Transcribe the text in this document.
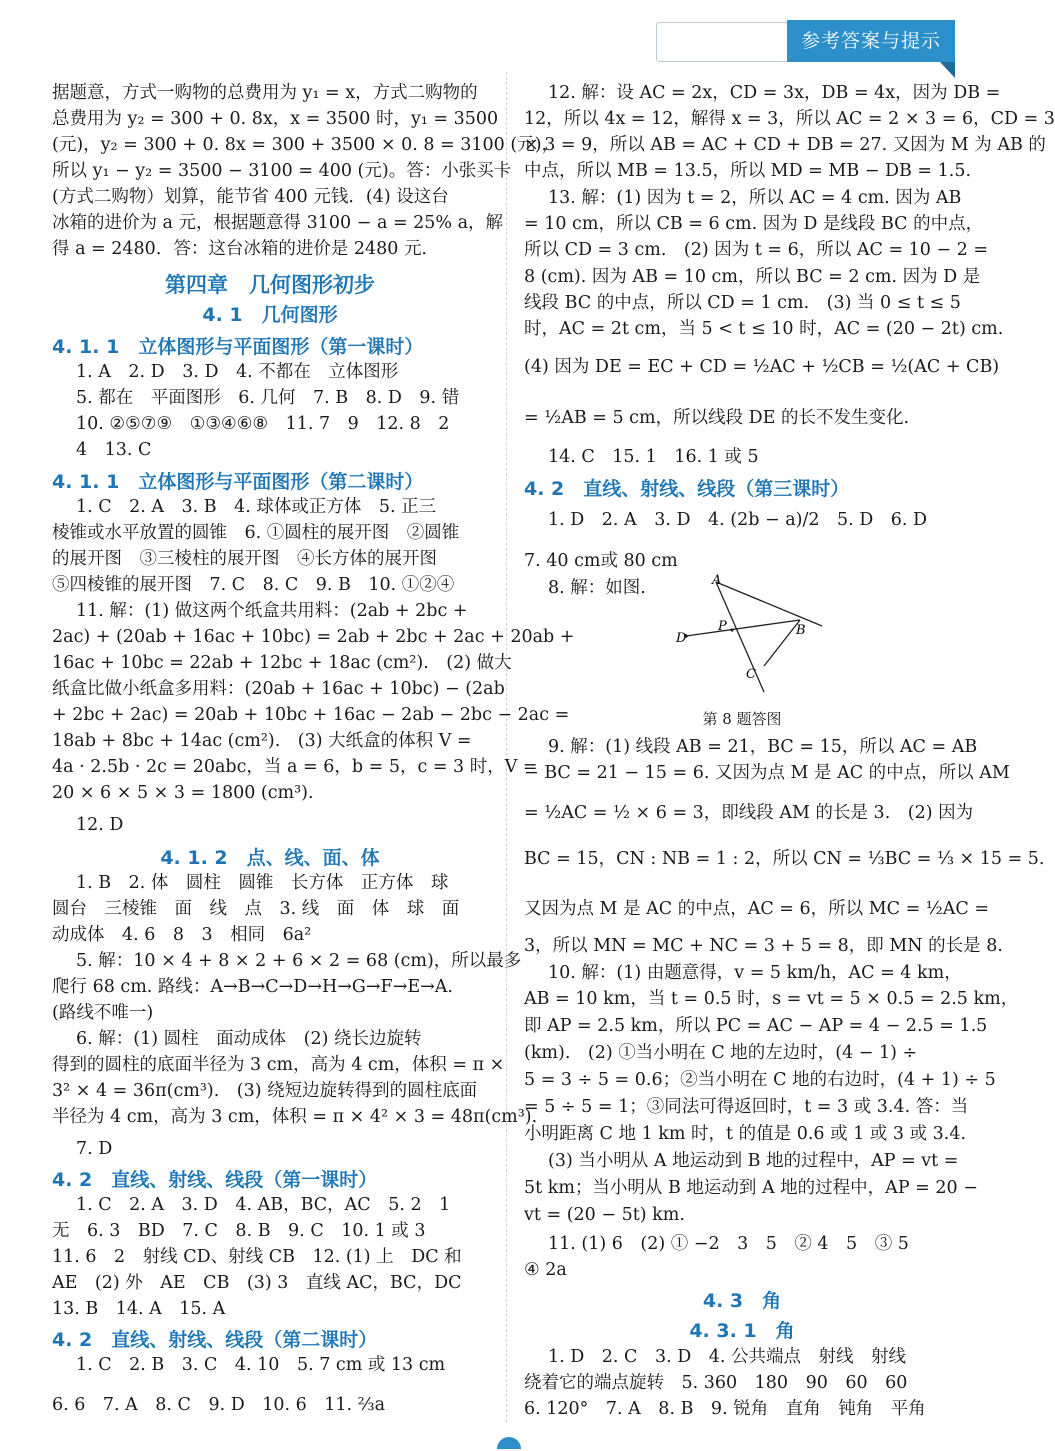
参考答案与提示
据题意，方式一购物的总费用为 y₁ = x，方式二购物的
总费用为 y₂ = 300 + 0. 8x，x = 3500 时，y₁ = 3500
(元)，y₂ = 300 + 0. 8x = 300 + 3500 × 0. 8 = 3100 (元)，
所以 y₁ − y₂ = 3500 − 3100 = 400 (元)。答：小张买卡
(方式二购物）划算，能节省 400 元钱．(4) 设这台
冰箱的进价为 a 元，根据题意得 3100 − a = 25% a，解
得 a = 2480．答：这台冰箱的进价是 2480 元．
第四章　几何图形初步
4. 1　几何图形
4. 1. 1　立体图形与平面图形（第一课时）
1. A　2. D　3. D　4. 不都在　立体图形
5. 都在　平面图形　6. 几何　7. B　8. D　9. 错
10. ②⑤⑦⑨　①③④⑥⑧　11. 7　9　12. 8　2
4　13. C
4. 1. 1　立体图形与平面图形（第二课时）
1. C　2. A　3. B　4. 球体或正方体　5. 正三
棱锥或水平放置的圆锥　6. ①圆柱的展开图　②圆锥
的展开图　③三棱柱的展开图　④长方体的展开图
⑤四棱锥的展开图　7. C　8. C　9. B　10. ①②④
11. 解：(1) 做这两个纸盒共用料：(2ab + 2bc +
2ac) + (20ab + 16ac + 10bc) = 2ab + 2bc + 2ac + 20ab +
16ac + 10bc = 22ab + 12bc + 18ac (cm²).　(2) 做大
纸盒比做小纸盒多用料：(20ab + 16ac + 10bc) − (2ab
+ 2bc + 2ac) = 20ab + 10bc + 16ac − 2ab − 2bc − 2ac =
18ab + 8bc + 14ac (cm²).　(3) 大纸盒的体积 V =
4a · 2.5b · 2c = 20abc，当 a = 6，b = 5，c = 3 时，V =
20 × 6 × 5 × 3 = 1800 (cm³).
12. D
4. 1. 2　点、线、面、体
1. B　2. 体　圆柱　圆锥　长方体　正方体　球
圆台　三棱锥　面　线　点　3. 线　面　体　球　面
动成体　4. 6　8　3　相同　6a²
5. 解：10 × 4 + 8 × 2 + 6 × 2 = 68 (cm)，所以最多
爬行 68 cm. 路线：A→B→C→D→H→G→F→E→A.
(路线不唯一)
6. 解：(1) 圆柱　面动成体　(2) 绕长边旋转
得到的圆柱的底面半径为 3 cm，高为 4 cm，体积 = π ×
3² × 4 = 36π(cm³).　(3) 绕短边旋转得到的圆柱底面
半径为 4 cm，高为 3 cm，体积 = π × 4² × 3 = 48π(cm³).
7. D
4. 2　直线、射线、线段（第一课时）
1. C　2. A　3. D　4. AB，BC，AC　5. 2　1
无　6. 3　BD　7. C　8. B　9. C　10. 1 或 3
11. 6　2　射线 CD、射线 CB　12. (1) 上　DC 和
AE　(2) 外　AE　CB　(3) 3　直线 AC，BC，DC
13. B　14. A　15. A
4. 2　直线、射线、线段（第二课时）
1. C　2. B　3. C　4. 10　5. 7 cm 或 13 cm
6. 6　7. A　8. C　9. D　10. 6　11. ⅔a
12. 解：设 AC = 2x，CD = 3x，DB = 4x，因为 DB =
12，所以 4x = 12，解得 x = 3，所以 AC = 2 × 3 = 6，CD = 3
× 3 = 9，所以 AB = AC + CD + DB = 27. 又因为 M 为 AB 的
中点，所以 MB = 13.5，所以 MD = MB − DB = 1.5.
13. 解：(1) 因为 t = 2，所以 AC = 4 cm. 因为 AB
= 10 cm，所以 CB = 6 cm. 因为 D 是线段 BC 的中点，
所以 CD = 3 cm.　(2) 因为 t = 6，所以 AC = 10 − 2 =
8 (cm). 因为 AB = 10 cm，所以 BC = 2 cm. 因为 D 是
线段 BC 的中点，所以 CD = 1 cm.　(3) 当 0 ≤ t ≤ 5
时，AC = 2t cm，当 5 < t ≤ 10 时，AC = (20 − 2t) cm.
(4) 因为 DE = EC + CD = ½AC + ½CB = ½(AC + CB)
= ½AB = 5 cm，所以线段 DE 的长不发生变化.
14. C　15. 1　16. 1 或 5
4. 2　直线、射线、线段（第三课时）
1. D　2. A　3. D　4. (2b − a)/2　5. D　6. D
7. 40 cm或 80 cm
8. 解：如图.
第 8 题答图
9. 解：(1) 线段 AB = 21，BC = 15，所以 AC = AB
− BC = 21 − 15 = 6. 又因为点 M 是 AC 的中点，所以 AM
= ½AC = ½ × 6 = 3，即线段 AM 的长是 3.　(2) 因为
BC = 15，CN : NB = 1 : 2，所以 CN = ⅓BC = ⅓ × 15 = 5.
又因为点 M 是 AC 的中点，AC = 6，所以 MC = ½AC =
3，所以 MN = MC + NC = 3 + 5 = 8，即 MN 的长是 8.
10. 解：(1) 由题意得，v = 5 km/h，AC = 4 km，
AB = 10 km，当 t = 0.5 时，s = vt = 5 × 0.5 = 2.5 km，
即 AP = 2.5 km，所以 PC = AC − AP = 4 − 2.5 = 1.5
(km).　(2) ①当小明在 C 地的左边时，(4 − 1) ÷
5 = 3 ÷ 5 = 0.6；②当小明在 C 地的右边时，(4 + 1) ÷ 5
= 5 ÷ 5 = 1；③同法可得返回时，t = 3 或 3.4. 答：当
小明距离 C 地 1 km 时，t 的值是 0.6 或 1 或 3 或 3.4.
(3) 当小明从 A 地运动到 B 地的过程中，AP = vt =
5t km；当小明从 B 地运动到 A 地的过程中，AP = 20 −
vt = (20 − 5t) km.
11. (1) 6　(2) ① −2　3　5　② 4　5　③ 5
④ 2a
4. 3　角
4. 3. 1　角
1. D　2. C　3. D　4. 公共端点　射线　射线
绕着它的端点旋转　5. 360　180　90　60　60
6. 120°　7. A　8. B　9. 锐角　直角　钝角　平角
A
B
C
D
P
